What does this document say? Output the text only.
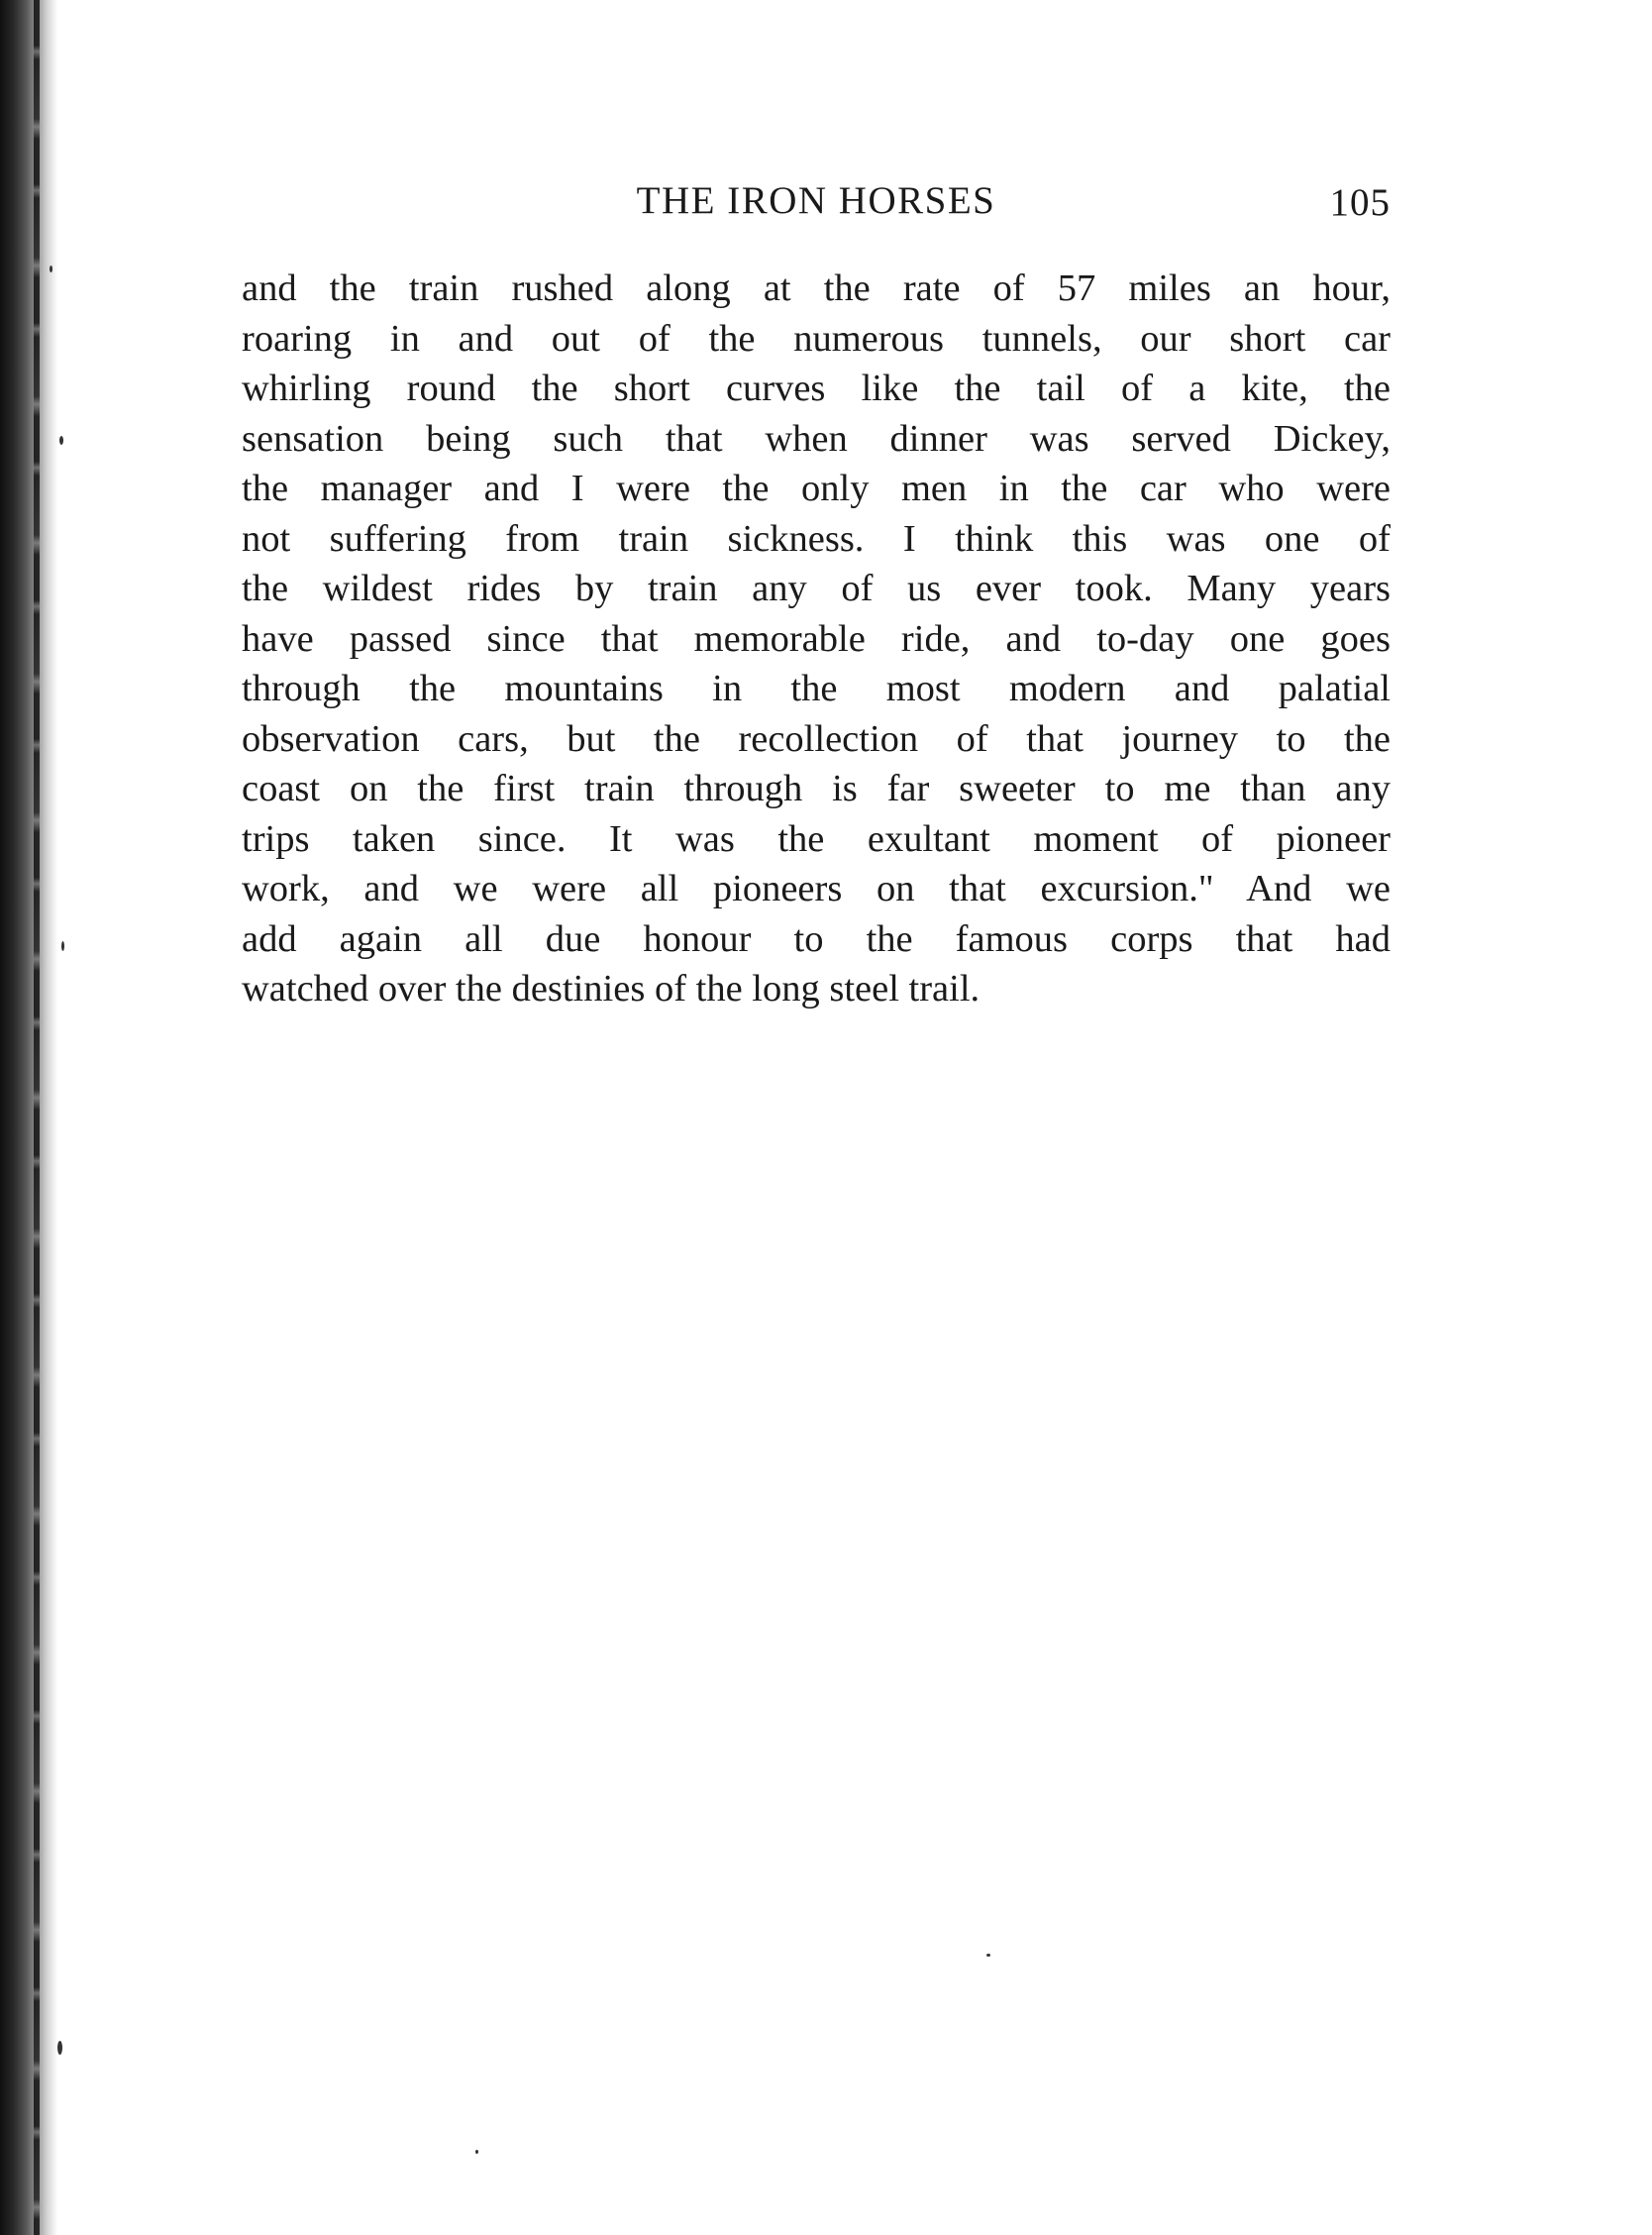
THE IRON HORSES	105
and the train rushed along at the rate of 57 miles an hour,
roaring in and out of the numerous tunnels, our short car
whirling round the short curves like the tail of a kite, the
sensation being such that when dinner was served Dickey,
the manager and I were the only men in the car who were
not suffering from train sickness. I think this was one of
the wildest rides by train any of us ever took. Many years
have passed since that memorable ride, and to-day one goes
through the mountains in the most modern and palatial
observation cars, but the recollection of that journey to the
coast on the first train through is far sweeter to me than any
trips taken since. It was the exultant moment of pioneer
work, and we were all pioneers on that excursion." And we
add again all due honour to the famous corps that had
watched over the destinies of the long steel trail.
